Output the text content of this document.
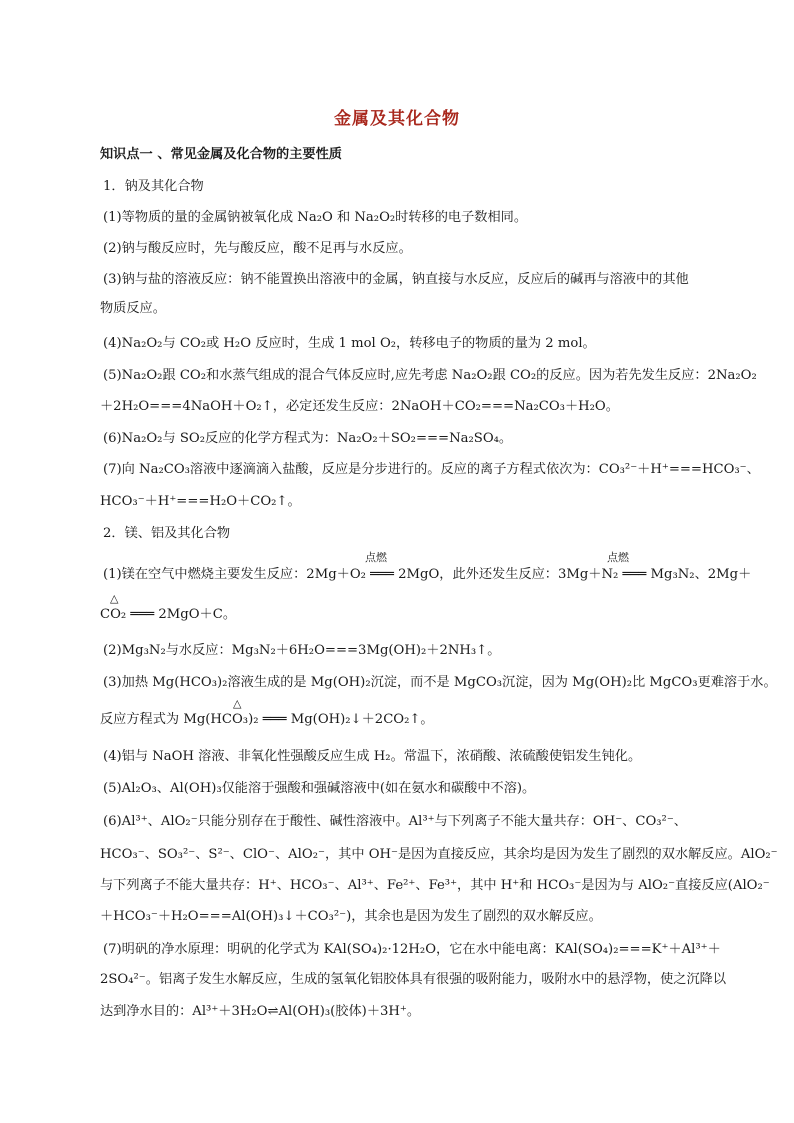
金属及其化合物
知识点一 、常见金属及化合物的主要性质
1．钠及其化合物
(1)等物质的量的金属钠被氧化成 Na₂O 和 Na₂O₂时转移的电子数相同。
(2)钠与酸反应时，先与酸反应，酸不足再与水反应。
(3)钠与盐的溶液反应：钠不能置换出溶液中的金属，钠直接与水反应，反应后的碱再与溶液中的其他
物质反应。
(4)Na₂O₂与 CO₂或 H₂O 反应时，生成 1 mol O₂，转移电子的物质的量为 2 mol。
(5)Na₂O₂跟 CO₂和水蒸气组成的混合气体反应时,应先考虑 Na₂O₂跟 CO₂的反应。因为若先发生反应：2Na₂O₂
＋2H₂O===4NaOH＋O₂↑，必定还发生反应：2NaOH＋CO₂===Na₂CO₃＋H₂O。
(6)Na₂O₂与 SO₂反应的化学方程式为：Na₂O₂＋SO₂===Na₂SO₄。
(7)向 Na₂CO₃溶液中逐滴滴入盐酸，反应是分步进行的。反应的离子方程式依次为：CO₃²⁻＋H⁺===HCO₃⁻、
HCO₃⁻＋H⁺===H₂O＋CO₂↑。
2．镁、铝及其化合物
(1)镁在空气中燃烧主要发生反应：2Mg＋O₂ ═══ 2MgO，此外还发生反应：3Mg＋N₂ ═══ Mg₃N₂、2Mg＋
点燃	点燃
CO₂ ═══ 2MgO＋C。
△
(2)Mg₃N₂与水反应：Mg₃N₂＋6H₂O===3Mg(OH)₂＋2NH₃↑。
(3)加热 Mg(HCO₃)₂溶液生成的是 Mg(OH)₂沉淀，而不是 MgCO₃沉淀，因为 Mg(OH)₂比 MgCO₃更难溶于水。
反应方程式为 Mg(HCO₃)₂ ═══ Mg(OH)₂↓＋2CO₂↑。
△
(4)铝与 NaOH 溶液、非氧化性强酸反应生成 H₂。常温下，浓硝酸、浓硫酸使铝发生钝化。
(5)Al₂O₃、Al(OH)₃仅能溶于强酸和强碱溶液中(如在氨水和碳酸中不溶)。
(6)Al³⁺、AlO₂⁻只能分别存在于酸性、碱性溶液中。Al³⁺与下列离子不能大量共存：OH⁻、CO₃²⁻、
HCO₃⁻、SO₃²⁻、S²⁻、ClO⁻、AlO₂⁻，其中 OH⁻是因为直接反应，其余均是因为发生了剧烈的双水解反应。AlO₂⁻
与下列离子不能大量共存：H⁺、HCO₃⁻、Al³⁺、Fe²⁺、Fe³⁺，其中 H⁺和 HCO₃⁻是因为与 AlO₂⁻直接反应(AlO₂⁻
＋HCO₃⁻＋H₂O===Al(OH)₃↓＋CO₃²⁻)，其余也是因为发生了剧烈的双水解反应。
(7)明矾的净水原理：明矾的化学式为 KAl(SO₄)₂·12H₂O，它在水中能电离：KAl(SO₄)₂===K⁺＋Al³⁺＋
2SO₄²⁻。铝离子发生水解反应，生成的氢氧化铝胶体具有很强的吸附能力，吸附水中的悬浮物，使之沉降以
达到净水目的：Al³⁺＋3H₂O⇌Al(OH)₃(胶体)＋3H⁺。
